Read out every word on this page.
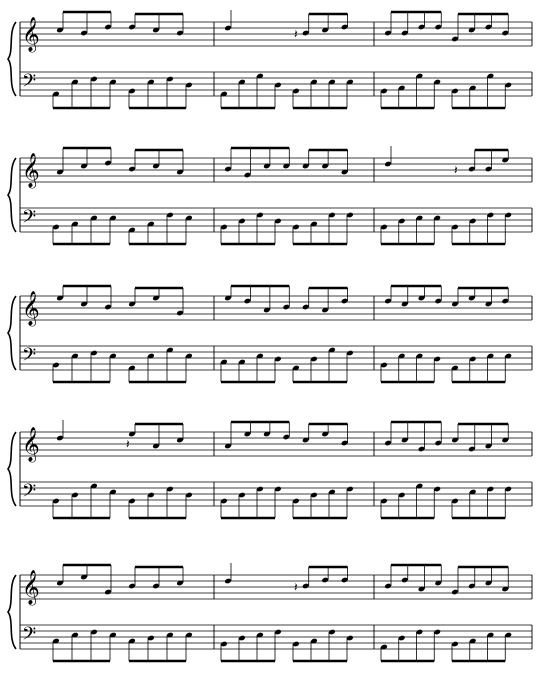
𝄞
𝄢
𝄽
𝄞
𝄢
𝄽
𝄞
𝄢
𝄞
𝄢
𝄽
𝄞
𝄢
𝄽
